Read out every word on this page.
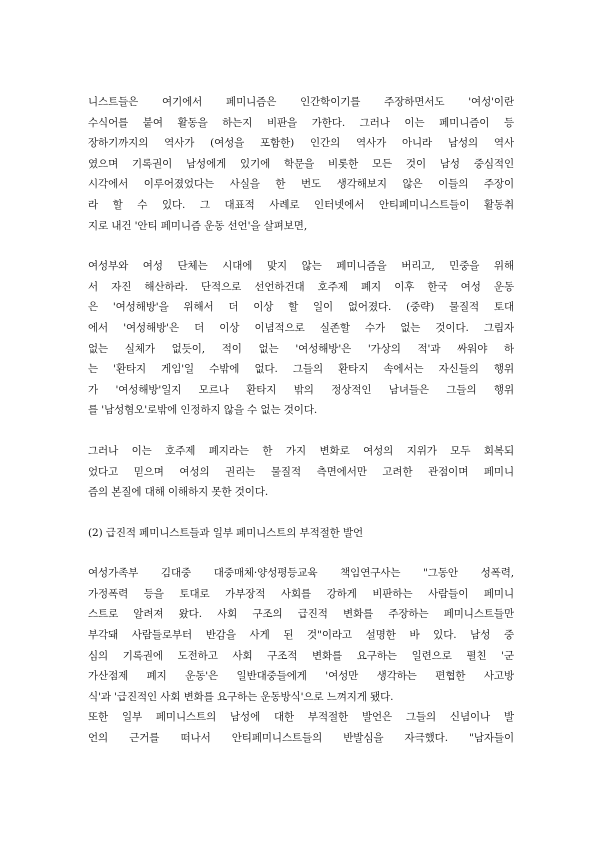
니스트들은 여기에서 페미니즘은 인간학이기를 주장하면서도 '여성'이란
수식어를 붙여 활동을 하는지 비판을 가한다. 그러나 이는 페미니즘이 등
장하기까지의 역사가 (여성을 포함한) 인간의 역사가 아니라 남성의 역사
였으며 기록권이 남성에게 있기에 학문을 비롯한 모든 것이 남성 중심적인
시각에서 이루어졌었다는 사실을 한 번도 생각해보지 않은 이들의 주장이
라 할 수 있다. 그 대표적 사례로 인터넷에서 안티페미니스트들이 활동취
지로 내건 '안티 페미니즘 운동 선언'을 살펴보면,
여성부와 여성 단체는 시대에 맞지 않는 페미니즘을 버리고, 민중을 위해
서 자진 해산하라. 단적으로 선언하건대 호주제 폐지 이후 한국 여성 운동
은 '여성해방'을 위해서 더 이상 할 일이 없어졌다. (중략) 물질적 토대
에서 '여성해방'은 더 이상 이념적으로 실존할 수가 없는 것이다. 그림자
없는 실체가 없듯이, 적이 없는 '여성해방'은 '가상의 적'과 싸워야 하
는 '환타지 게임'일 수밖에 없다. 그들의 환타지 속에서는 자신들의 행위
가 '여성해방'일지 모르나 환타지 밖의 정상적인 남녀들은 그들의 행위
를 '남성혐오'로밖에 인정하지 않을 수 없는 것이다.
그러나 이는 호주제 폐지라는 한 가지 변화로 여성의 지위가 모두 회복되
었다고 믿으며 여성의 권리는 물질적 측면에서만 고려한 관점이며 페미니
즘의 본질에 대해 이해하지 못한 것이다.
(2) 급진적 페미니스트들과 일부 페미니스트의 부적절한 발언
여성가족부 김대중 대중매체·양성평등교육 책임연구사는 "그동안 성폭력,
가정폭력 등을 토대로 가부장적 사회를 강하게 비판하는 사람들이 페미니
스트로 알려져 왔다. 사회 구조의 급진적 변화를 주장하는 페미니스트들만
부각돼 사람들로부터 반감을 사게 된 것"이라고 설명한 바 있다. 남성 중
심의 기록권에 도전하고 사회 구조적 변화를 요구하는 일련으로 펼친 '군
가산점제 폐지 운동'은 일반대중들에게 '여성만 생각하는 편협한 사고방
식'과 '급진적인 사회 변화를 요구하는 운동방식'으로 느껴지게 됐다.
또한 일부 페미니스트의 남성에 대한 부적절한 발언은 그들의 신념이나 발
언의 근거를 떠나서 안티페미니스트들의 반발심을 자극했다. "남자들이
